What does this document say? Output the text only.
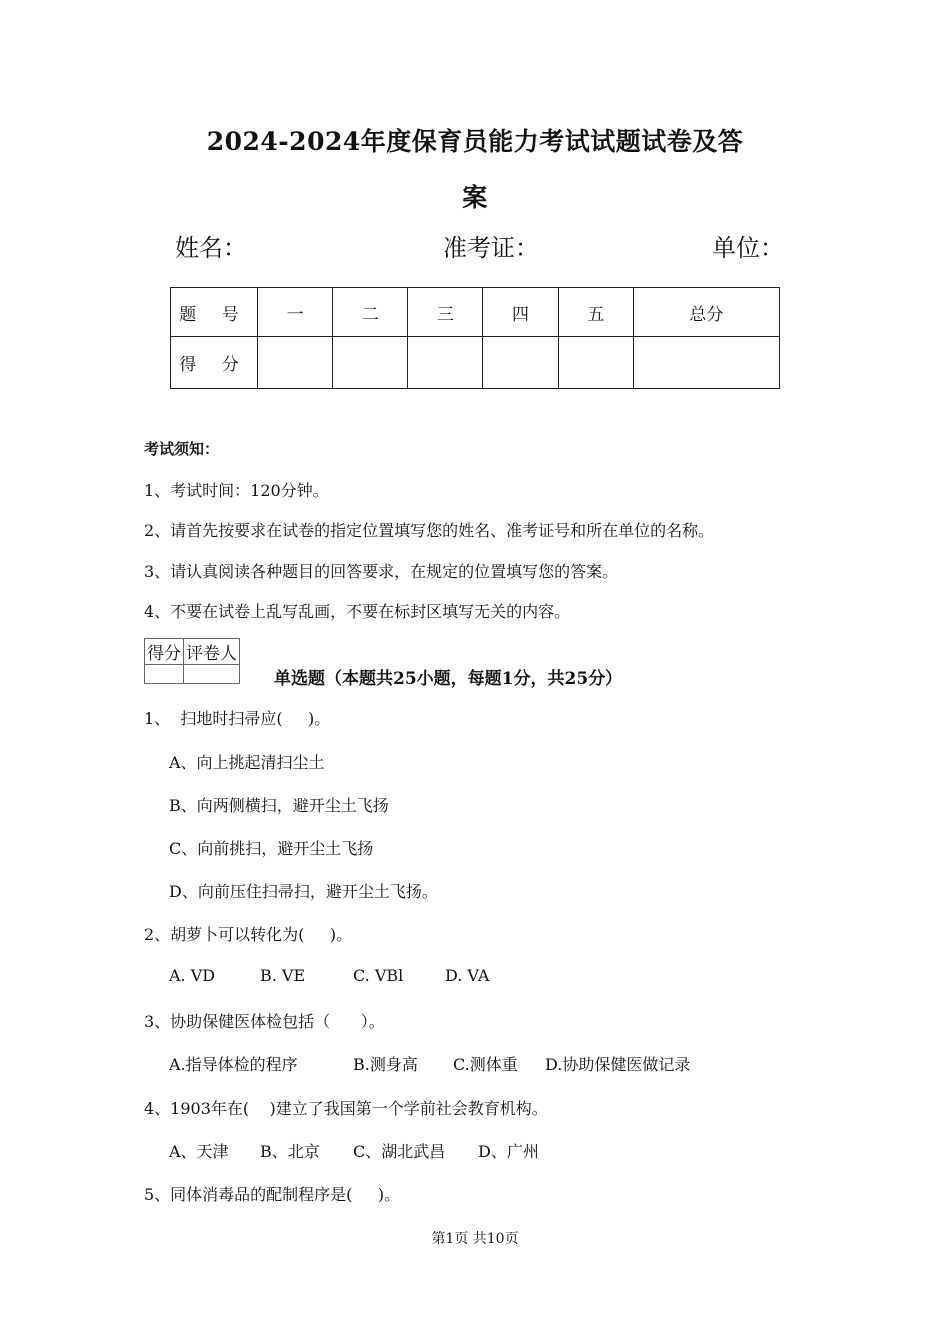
2024-2024年度保育员能力考试试题试卷及答
案
姓名：	准考证：	单位：
题 号	一	二	三	四	五	总分
得 分						
考试须知：
1、考试时间：120分钟。
2、请首先按要求在试卷的指定位置填写您的姓名、准考证号和所在单位的名称。
3、请认真阅读各种题目的回答要求，在规定的位置填写您的答案。
4、不要在试卷上乱写乱画，不要在标封区填写无关的内容。
得分	评卷人

单选题（本题共25小题，每题1分，共25分）
1、  扫地时扫帚应(     )。
A、向上挑起清扫尘土
B、向两侧横扫，避开尘土飞扬
C、向前挑扫，避开尘土飞扬
D、向前压住扫帚扫，避开尘土飞扬。
2、胡萝卜可以转化为(     )。
A. VD	B. VE	C. VBl	D. VA
3、协助保健医体检包括（      ）。
A.指导体检的程序	B.测身高 C.测体重 D.协助保健医做记录
4、1903年在(    )建立了我国第一个学前社会教育机构。
A、天津 B、北京 C、湖北武昌 D、广州
5、同体消毒品的配制程序是(     )。
第1页 共10页
